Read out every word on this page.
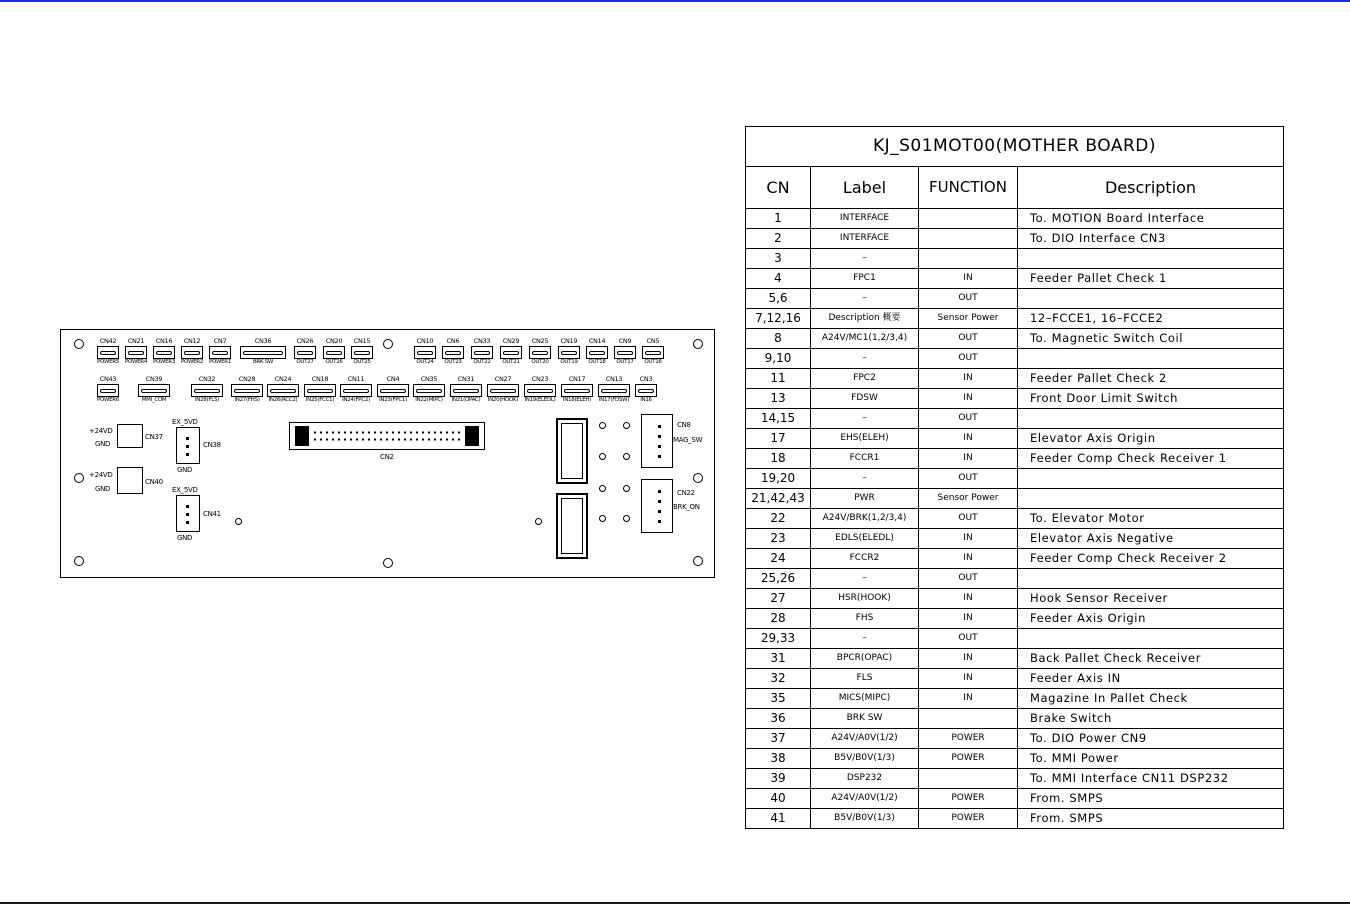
CN42
POWER5
CN21
POWER4
CN16
POWER3
CN12
POWER2
CN7
POWER1
CN36
BRK SW
CN26
OUT27
CN20
OUT26
CN15
OUT25
CN10
OUT24
CN6
OUT23
CN33
OUT22
CN29
OUT21
CN25
OUT20
CN19
OUT19
CN14
OUT18
CN9
OUT17
CN5
OUT16
CN43
POWER6
CN39
MMI_COM
CN32
IN28(FLS)
CN28
IN27(FHS)
CN24
IN26(RCC2)
CN18
IN25(FCC1)
CN11
IN24(FPC2)
CN4
IN23(FPC1)
CN35
IN22(MIPC)
CN31
IN21(OPAC)
CN27
IN20(HOOK)
CN23
IN19(ELEDL)
CN17
IN18(ELEH)
CN13
IN17(FDSW)
CN3
IN16
+24VD
GND
CN37
+24VD
GND
CN40
EX_5VD
CN38
GND
EX_5VD
CN41
GND
CN2
CN8
MAG_SW
CN22
BRK_ON
KJ_S01MOT00(MOTHER BOARD)			
CN	Label	FUNCTION	Description
1	INTERFACE		To. MOTION Board Interface
2	INTERFACE		To. DIO Interface CN3
3	–		
4	FPC1	IN	Feeder Pallet Check 1
5,6	–	OUT	
7,12,16	Description 概要	Sensor Power	12–FCCE1, 16–FCCE2
8	A24V/MC1(1,2/3,4)	OUT	To. Magnetic Switch Coil
9,10	–	OUT	
11	FPC2	IN	Feeder Pallet Check 2
13	FDSW	IN	Front Door Limit Switch
14,15	–	OUT	
17	EHS(ELEH)	IN	Elevator Axis Origin
18	FCCR1	IN	Feeder Comp Check Receiver 1
19,20	–	OUT	
21,42,43	PWR	Sensor Power	
22	A24V/BRK(1,2/3,4)	OUT	To. Elevator Motor
23	EDLS(ELEDL)	IN	Elevator Axis Negative
24	FCCR2	IN	Feeder Comp Check Receiver 2
25,26	–	OUT	
27	HSR(HOOK)	IN	Hook Sensor Receiver
28	FHS	IN	Feeder Axis Origin
29,33	–	OUT	
31	BPCR(OPAC)	IN	Back Pallet Check Receiver
32	FLS	IN	Feeder Axis IN
35	MICS(MIPC)	IN	Magazine In Pallet Check
36	BRK SW		Brake Switch
37	A24V/A0V(1/2)	POWER	To. DIO Power CN9
38	B5V/B0V(1/3)	POWER	To. MMI Power
39	DSP232		To. MMI Interface CN11 DSP232
40	A24V/A0V(1/2)	POWER	From. SMPS
41	B5V/B0V(1/3)	POWER	From. SMPS
